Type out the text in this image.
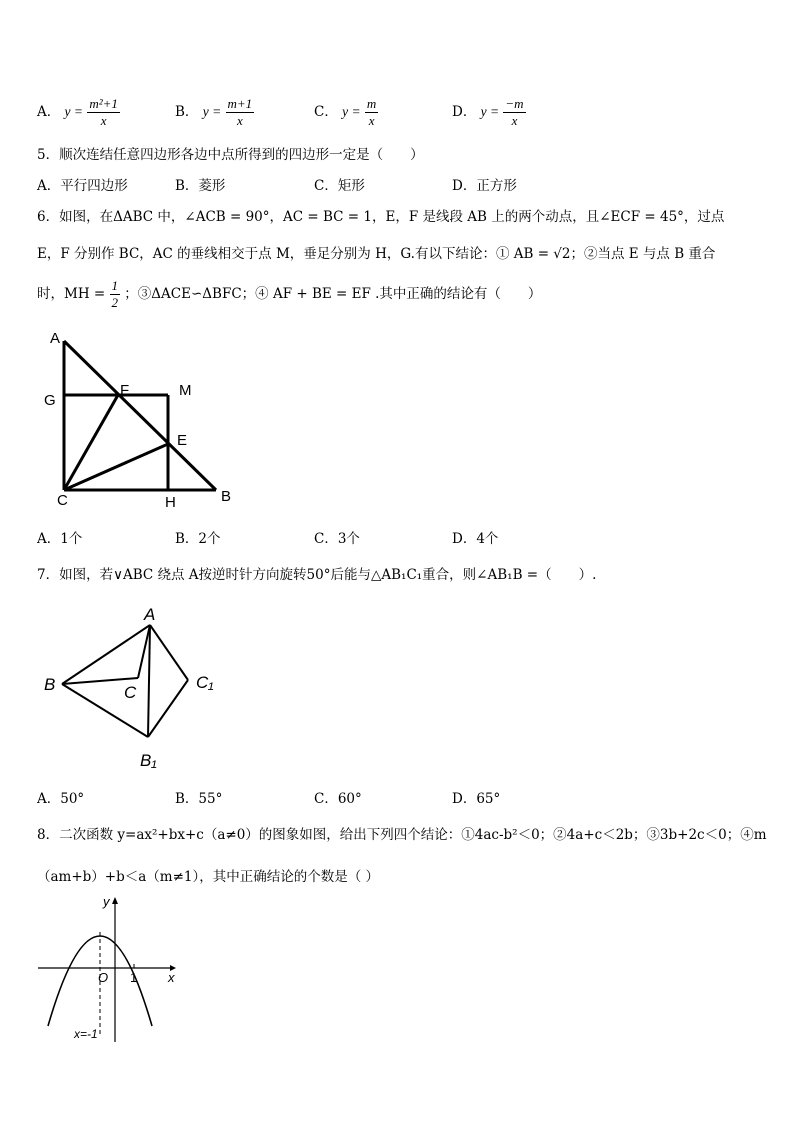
A． $y = \frac{\text{m²+1}}{x}$	B． $y = \frac{m+1}{x}$	C． $y = \frac{m}{x}$	D． $y = \frac{-m}{x}$
5．顺次连结任意四边形各边中点所得到的四边形一定是（　　）
A．平行四边形	B．菱形	C．矩形	D．正方形
6．如图，在ΔABC 中，∠ACB = 90°，AC = BC = 1，E，F 是线段 AB 上的两个动点，且∠ECF = 45°，过点
E，F 分别作 BC，AC 的垂线相交于点 M，垂足分别为 H，G.有以下结论：① AB = √2；②当点 E 与点 B 重合
时，MH = $\frac{1}{2}$ ；③ΔACE∽ΔBFC；④ AF + BE = EF .其中正确的结论有（　　）
A
G
F	M
E
C	H	B
A．1个	B．2个	C．3个	D．4个
7．如图，若∨ABC 绕点 A按逆时针方向旋转50°后能与△AB₁C₁重合，则∠AB₁B =（　　）.
A
B	C
C₁
B₁
A．50°	B．55°	C．60°	D．65°
8．二次函数 y=ax²+bx+c（a≠0）的图象如图，给出下列四个结论：①4ac-b²＜0；②4a+c＜2b；③3b+2c＜0；④m
（am+b）+b＜a（m≠1），其中正确结论的个数是（ ）
y
x
O 1
x=-1
